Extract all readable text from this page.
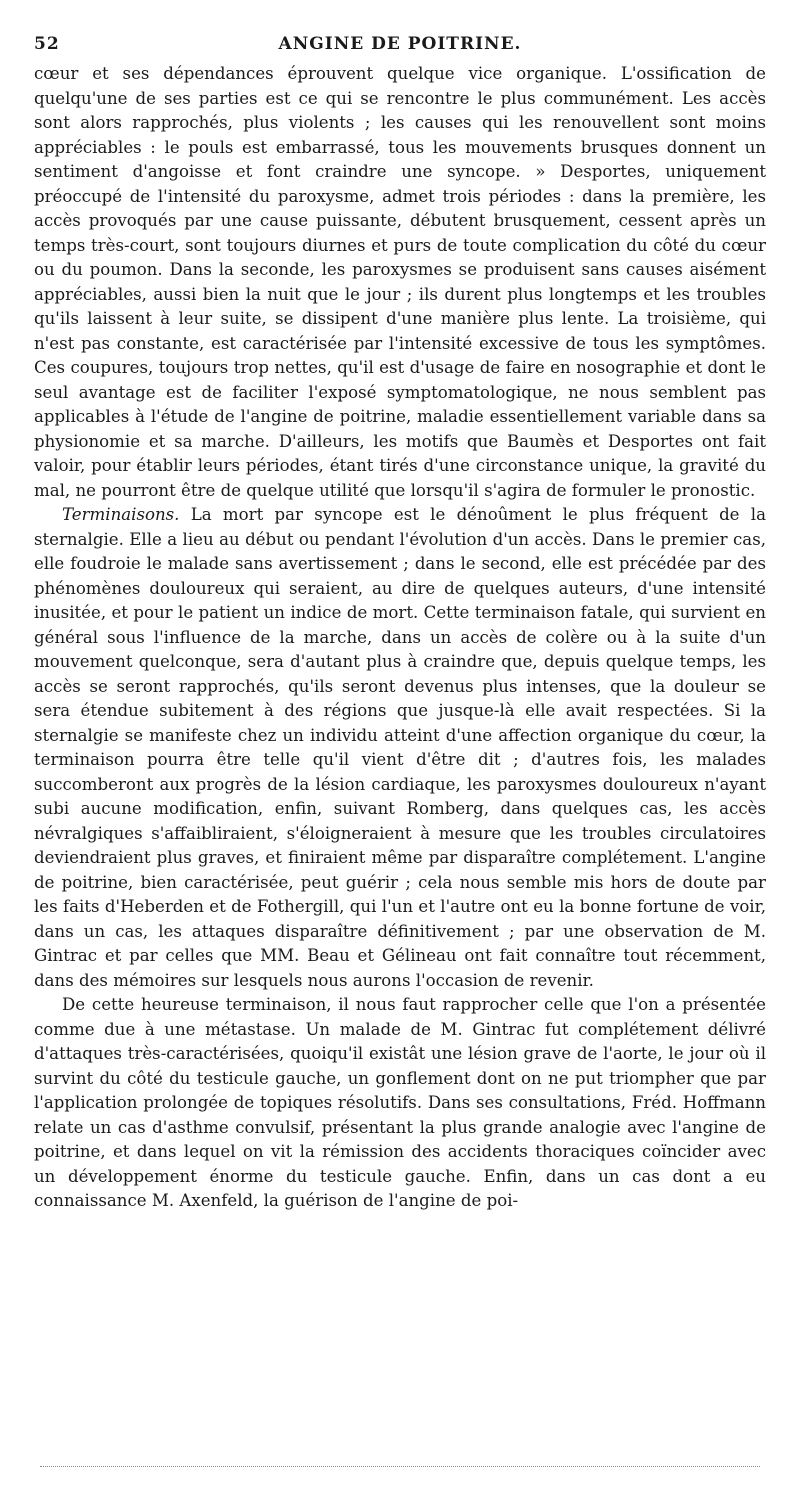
52	ANGINE DE POITRINE.

cœur et ses dépendances éprouvent quelque vice organique. L'ossification de quelqu'une de ses parties est ce qui se rencontre le plus communément. Les accès sont alors rapprochés, plus violents ; les causes qui les renouvellent sont moins appréciables : le pouls est embarrassé, tous les mouvements brusques donnent un sentiment d'angoisse et font craindre une syncope. » Desportes, uniquement préoccupé de l'intensité du paroxysme, admet trois périodes : dans la première, les accès provoqués par une cause puissante, débutent brusquement, cessent après un temps très-court, sont toujours diurnes et purs de toute complication du côté du cœur ou du poumon. Dans la seconde, les paroxysmes se produisent sans causes aisément appréciables, aussi bien la nuit que le jour ; ils durent plus longtemps et les troubles qu'ils laissent à leur suite, se dissipent d'une manière plus lente. La troisième, qui n'est pas constante, est caractérisée par l'intensité excessive de tous les symptômes. Ces coupures, toujours trop nettes, qu'il est d'usage de faire en nosographie et dont le seul avantage est de faciliter l'exposé symptomatologique, ne nous semblent pas applicables à l'étude de l'angine de poitrine, maladie essentiellement variable dans sa physionomie et sa marche. D'ailleurs, les motifs que Baumès et Desportes ont fait valoir, pour établir leurs périodes, étant tirés d'une circonstance unique, la gravité du mal, ne pourront être de quelque utilité que lorsqu'il s'agira de formuler le pronostic.

Terminaisons. La mort par syncope est le dénoûment le plus fréquent de la sternalgie. Elle a lieu au début ou pendant l'évolution d'un accès. Dans le premier cas, elle foudroie le malade sans avertissement ; dans le second, elle est précédée par des phénomènes douloureux qui seraient, au dire de quelques auteurs, d'une intensité inusitée, et pour le patient un indice de mort. Cette terminaison fatale, qui survient en général sous l'influence de la marche, dans un accès de colère ou à la suite d'un mouvement quelconque, sera d'autant plus à craindre que, depuis quelque temps, les accès se seront rapprochés, qu'ils seront devenus plus intenses, que la douleur se sera étendue subitement à des régions que jusque-là elle avait respectées. Si la sternalgie se manifeste chez un individu atteint d'une affection organique du cœur, la terminaison pourra être telle qu'il vient d'être dit ; d'autres fois, les malades succomberont aux progrès de la lésion cardiaque, les paroxysmes douloureux n'ayant subi aucune modification, enfin, suivant Romberg, dans quelques cas, les accès névralgiques s'affaibliraient, s'éloigneraient à mesure que les troubles circulatoires deviendraient plus graves, et finiraient même par disparaître complétement. L'angine de poitrine, bien caractérisée, peut guérir ; cela nous semble mis hors de doute par les faits d'Heberden et de Fothergill, qui l'un et l'autre ont eu la bonne fortune de voir, dans un cas, les attaques disparaître définitivement ; par une observation de M. Gintrac et par celles que MM. Beau et Gélineau ont fait connaître tout récemment, dans des mémoires sur lesquels nous aurons l'occasion de revenir.

De cette heureuse terminaison, il nous faut rapprocher celle que l'on a présentée comme due à une métastase. Un malade de M. Gintrac fut complétement délivré d'attaques très-caractérisées, quoiqu'il existât une lésion grave de l'aorte, le jour où il survint du côté du testicule gauche, un gonflement dont on ne put triompher que par l'application prolongée de topiques résolutifs. Dans ses consultations, Fréd. Hoffmann relate un cas d'asthme convulsif, présentant la plus grande analogie avec l'angine de poitrine, et dans lequel on vit la rémission des accidents thoraciques coïncider avec un développement énorme du testicule gauche. Enfin, dans un cas dont a eu connaissance M. Axenfeld, la guérison de l'angine de poi-
